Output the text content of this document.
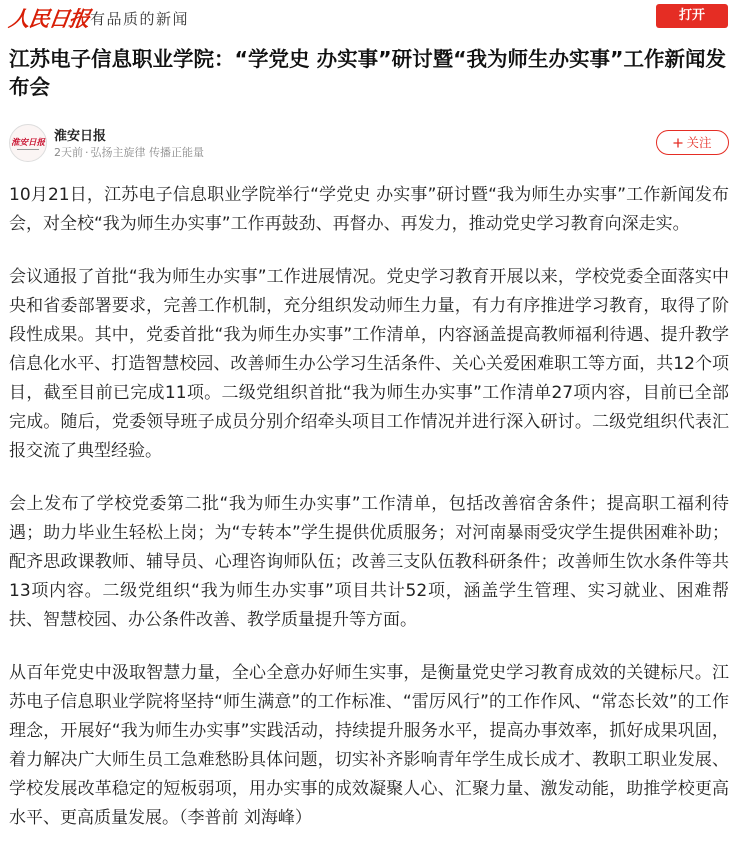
人民日报 有品质的新闻	打开
江苏电子信息职业学院：“学党史 办实事”研讨暨“我为师生办实事”工作新闻发布会
淮安日报 淮安日报
2天前 · 弘扬主旋律 传播正能量
关注

10月21日，江苏电子信息职业学院举行“学党史 办实事”研讨暨“我为师生办实事”工作新闻发布会，对全校“我为师生办实事”工作再鼓劲、再督办、再发力，推动党史学习教育向深走实。

会议通报了首批“我为师生办实事”工作进展情况。党史学习教育开展以来，学校党委全面落实中央和省委部署要求，完善工作机制，充分组织发动师生力量，有力有序推进学习教育，取得了阶段性成果。其中，党委首批“我为师生办实事”工作清单，内容涵盖提高教师福利待遇、提升教学信息化水平、打造智慧校园、改善师生办公学习生活条件、关心关爱困难职工等方面，共12个项目，截至目前已完成11项。二级党组织首批“我为师生办实事”工作清单27项内容，目前已全部完成。随后，党委领导班子成员分别介绍牵头项目工作情况并进行深入研讨。二级党组织代表汇报交流了典型经验。

会上发布了学校党委第二批“我为师生办实事”工作清单，包括改善宿舍条件；提高职工福利待遇；助力毕业生轻松上岗；为“专转本”学生提供优质服务；对河南暴雨受灾学生提供困难补助；配齐思政课教师、辅导员、心理咨询师队伍；改善三支队伍教科研条件；改善师生饮水条件等共13项内容。二级党组织“我为师生办实事”项目共计52项，涵盖学生管理、实习就业、困难帮扶、智慧校园、办公条件改善、教学质量提升等方面。

从百年党史中汲取智慧力量，全心全意办好师生实事，是衡量党史学习教育成效的关键标尺。江苏电子信息职业学院将坚持“师生满意”的工作标准、“雷厉风行”的工作作风、“常态长效”的工作理念，开展好“我为师生办实事”实践活动，持续提升服务水平，提高办事效率，抓好成果巩固，着力解决广大师生员工急难愁盼具体问题，切实补齐影响青年学生成长成才、教职工职业发展、学校发展改革稳定的短板弱项，用办实事的成效凝聚人心、汇聚力量、激发动能，助推学校更高水平、更高质量发展。（李普前 刘海峰）
